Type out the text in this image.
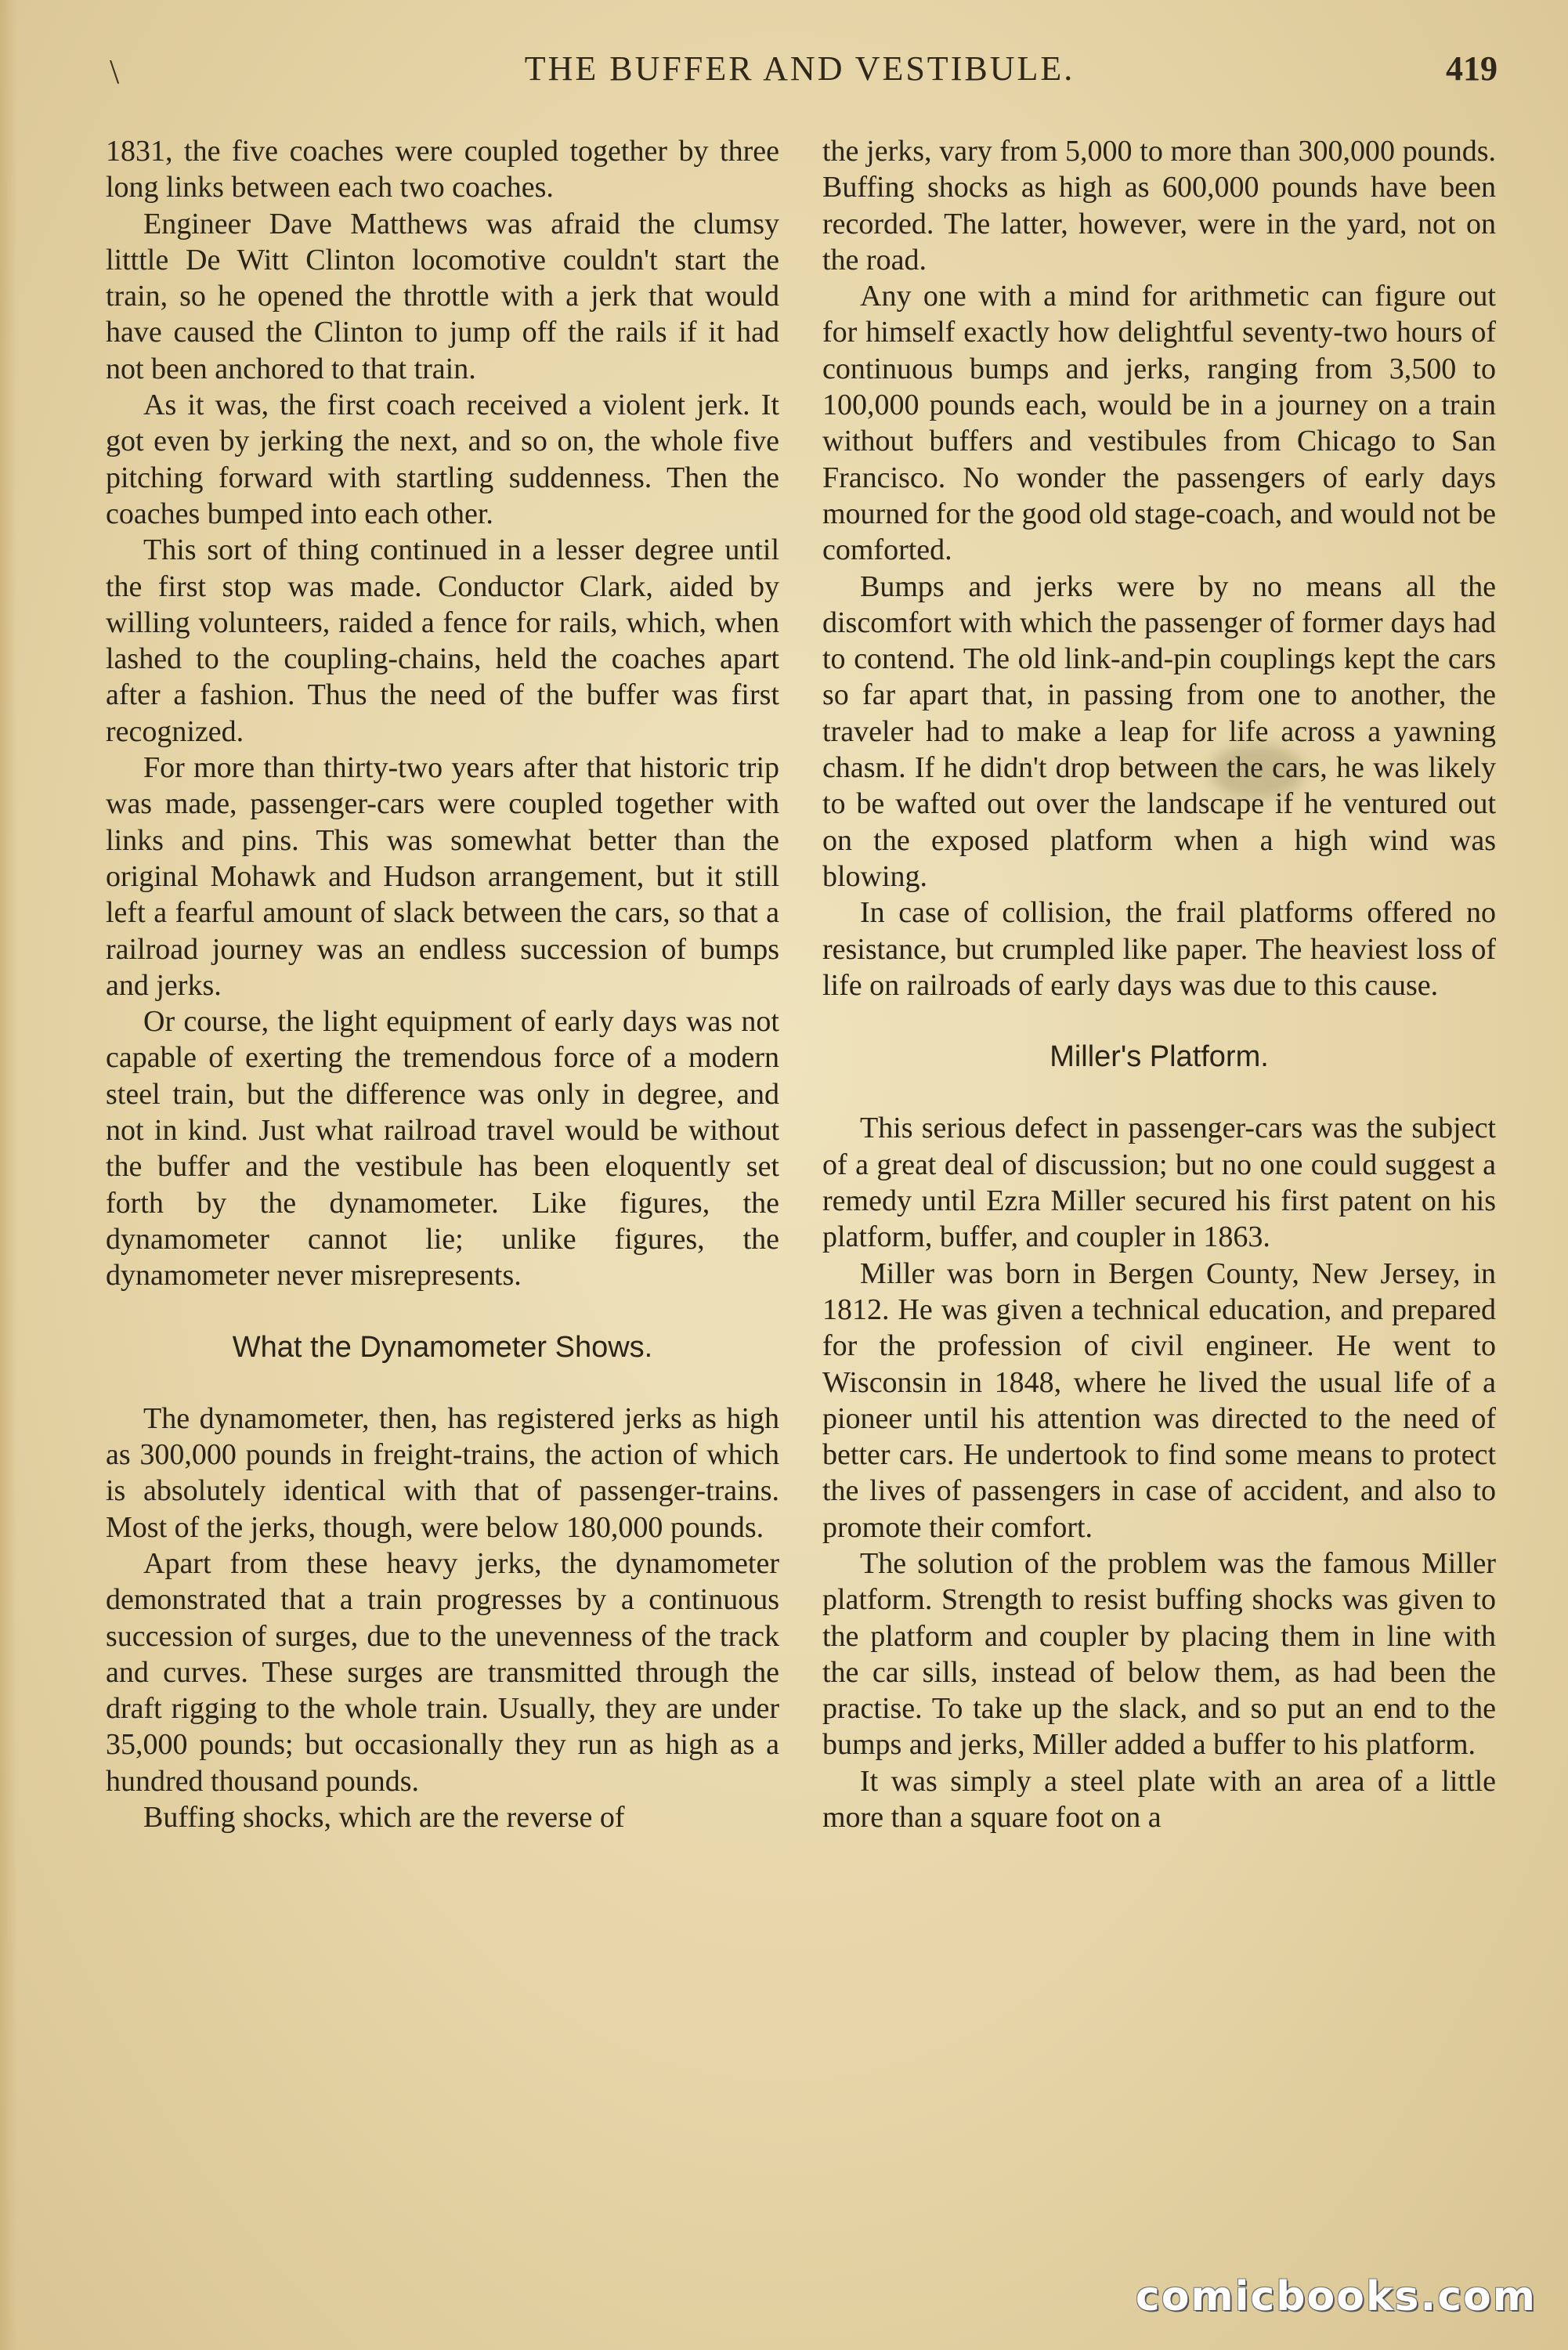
\	THE BUFFER AND VESTIBULE.	419

1831, the five coaches were coupled together by three long links between each two coaches.

Engineer Dave Matthews was afraid the clumsy litttle De Witt Clinton locomotive couldn't start the train, so he opened the throttle with a jerk that would have caused the Clinton to jump off the rails if it had not been anchored to that train.

As it was, the first coach received a violent jerk. It got even by jerking the next, and so on, the whole five pitching forward with startling suddenness. Then the coaches bumped into each other.

This sort of thing continued in a lesser degree until the first stop was made. Conductor Clark, aided by willing volunteers, raided a fence for rails, which, when lashed to the coupling-chains, held the coaches apart after a fashion. Thus the need of the buffer was first recognized.

For more than thirty-two years after that historic trip was made, passenger-cars were coupled together with links and pins. This was somewhat better than the original Mohawk and Hudson arrangement, but it still left a fearful amount of slack between the cars, so that a railroad journey was an endless succession of bumps and jerks.

Or course, the light equipment of early days was not capable of exerting the tremendous force of a modern steel train, but the difference was only in degree, and not in kind. Just what railroad travel would be without the buffer and the vestibule has been eloquently set forth by the dynamometer. Like figures, the dynamometer cannot lie; unlike figures, the dynamometer never misrepresents.

What the Dynamometer Shows.

The dynamometer, then, has registered jerks as high as 300,000 pounds in freight-trains, the action of which is absolutely identical with that of passenger-trains. Most of the jerks, though, were below 180,000 pounds.

Apart from these heavy jerks, the dynamometer demonstrated that a train progresses by a continuous succession of surges, due to the unevenness of the track and curves. These surges are transmitted through the draft rigging to the whole train. Usually, they are under 35,000 pounds; but occasionally they run as high as a hundred thousand pounds.

Buffing shocks, which are the reverse of

the jerks, vary from 5,000 to more than 300,000 pounds. Buffing shocks as high as 600,000 pounds have been recorded. The latter, however, were in the yard, not on the road.

Any one with a mind for arithmetic can figure out for himself exactly how delightful seventy-two hours of continuous bumps and jerks, ranging from 3,500 to 100,000 pounds each, would be in a journey on a train without buffers and vestibules from Chicago to San Francisco. No wonder the passengers of early days mourned for the good old stage-coach, and would not be comforted.

Bumps and jerks were by no means all the discomfort with which the passenger of former days had to contend. The old link-and-pin couplings kept the cars so far apart that, in passing from one to another, the traveler had to make a leap for life across a yawning chasm. If he didn't drop between the cars, he was likely to be wafted out over the landscape if he ventured out on the exposed platform when a high wind was blowing.

In case of collision, the frail platforms offered no resistance, but crumpled like paper. The heaviest loss of life on railroads of early days was due to this cause.

Miller's Platform.

This serious defect in passenger-cars was the subject of a great deal of discussion; but no one could suggest a remedy until Ezra Miller secured his first patent on his platform, buffer, and coupler in 1863.

Miller was born in Bergen County, New Jersey, in 1812. He was given a technical education, and prepared for the profession of civil engineer. He went to Wisconsin in 1848, where he lived the usual life of a pioneer until his attention was directed to the need of better cars. He undertook to find some means to protect the lives of passengers in case of accident, and also to promote their comfort.

The solution of the problem was the famous Miller platform. Strength to resist buffing shocks was given to the platform and coupler by placing them in line with the car sills, instead of below them, as had been the practise. To take up the slack, and so put an end to the bumps and jerks, Miller added a buffer to his platform.

It was simply a steel plate with an area of a little more than a square foot on a

comicbooks.com
